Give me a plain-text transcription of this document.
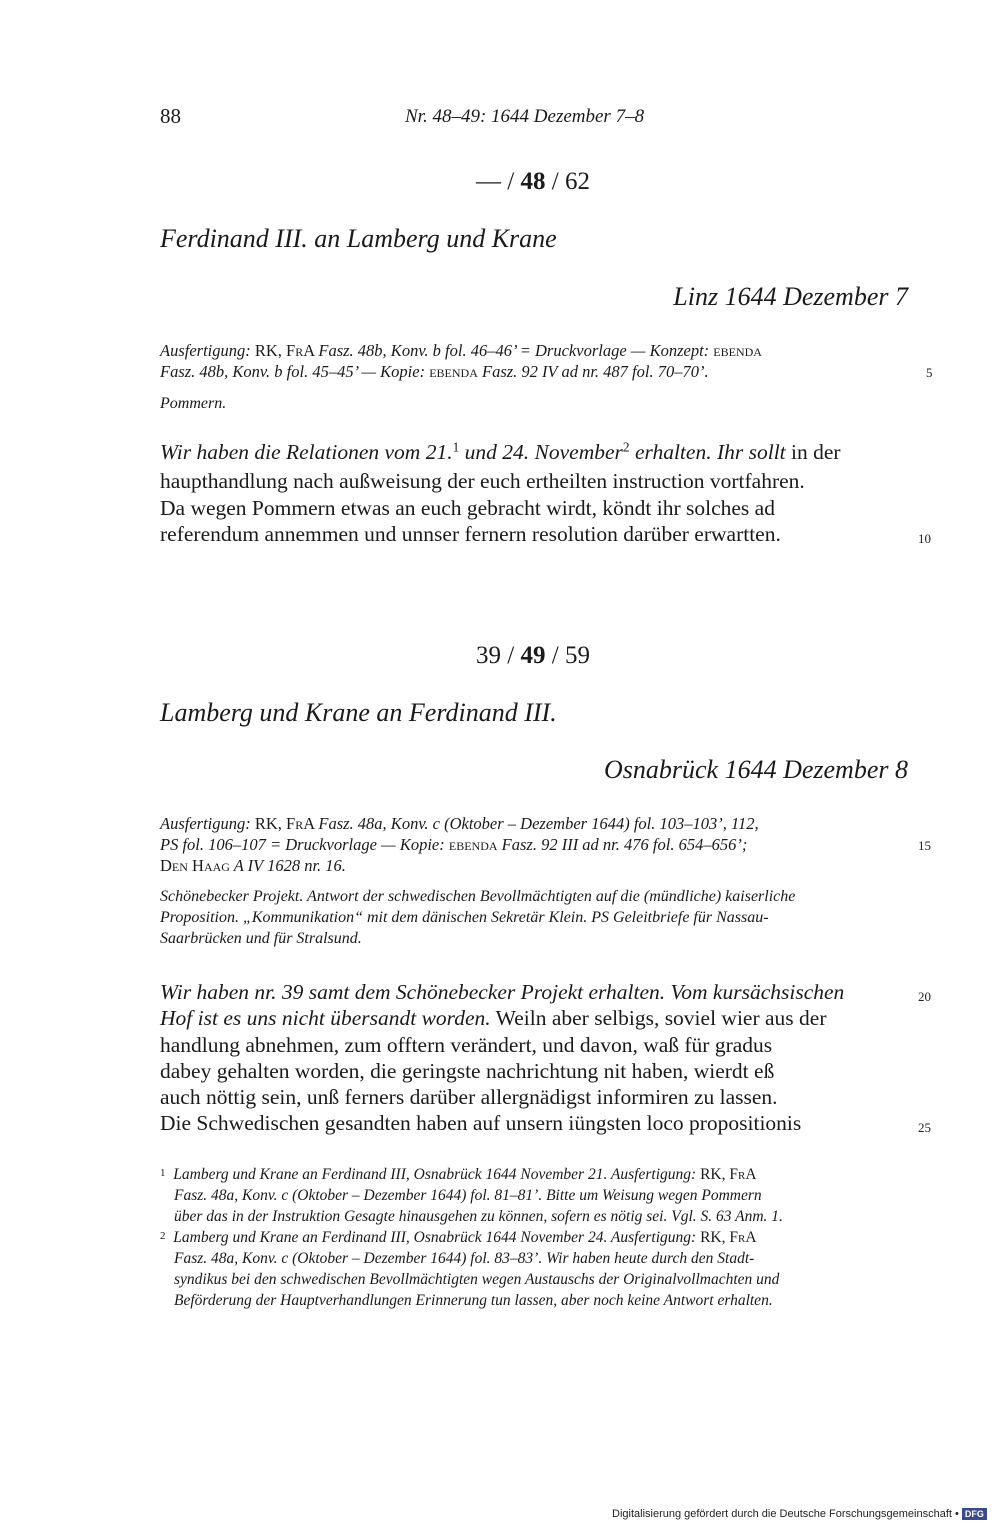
88	Nr. 48–49: 1644 Dezember 7–8
— / 48 / 62
Ferdinand III. an Lamberg und Krane
Linz 1644 Dezember 7
Ausfertigung: RK, FrA Fasz. 48b, Konv. b fol. 46–46’ = Druckvorlage — Konzept: ebenda
Fasz. 48b, Konv. b fol. 45–45’ — Kopie: ebenda Fasz. 92 IV ad nr. 487 fol. 70–70’.	5
Pommern.
Wir haben die Relationen vom 21.$^1$ und 24. November$^2$ erhalten. Ihr sollt in der
haupthandlung nach außweisung der euch ertheilten instruction vortfahren.
Da wegen Pommern etwas an euch gebracht wirdt, köndt ihr solches ad
referendum annemmen und unnser fernern resolution darüber erwartten.	10
39 / 49 / 59
Lamberg und Krane an Ferdinand III.
Osnabrück 1644 Dezember 8
Ausfertigung: RK, FrA Fasz. 48a, Konv. c (Oktober – Dezember 1644) fol. 103–103’, 112,
PS fol. 106–107 = Druckvorlage — Kopie: ebenda Fasz. 92 III ad nr. 476 fol. 654–656’;	15
Den Haag A IV 1628 nr. 16.
Schönebecker Projekt. Antwort der schwedischen Bevollmächtigten auf die (mündliche) kaiserliche
Proposition. „Kommunikation“ mit dem dänischen Sekretär Klein. PS Geleitbriefe für Nassau-
Saarbrücken und für Stralsund.
Wir haben nr. 39 samt dem Schönebecker Projekt erhalten. Vom kursächsischen	20
Hof ist es uns nicht übersandt worden. Weiln aber selbigs, soviel wier aus der
handlung abnehmen, zum offtern verändert, und davon, waß für gradus
dabey gehalten worden, die geringste nachrichtung nit haben, wierdt eß
auch nöttig sein, unß ferners darüber allergnädigst informiren zu lassen.
Die Schwedischen gesandten haben auf unsern iüngsten loco propositionis	25
1 Lamberg und Krane an Ferdinand III, Osnabrück 1644 November 21. Ausfertigung: RK, FrA
Fasz. 48a, Konv. c (Oktober – Dezember 1644) fol. 81–81’. Bitte um Weisung wegen Pommern
über das in der Instruktion Gesagte hinausgehen zu können, sofern es nötig sei. Vgl. S. 63 Anm. 1.
2 Lamberg und Krane an Ferdinand III, Osnabrück 1644 November 24. Ausfertigung: RK, FrA
Fasz. 48a, Konv. c (Oktober – Dezember 1644) fol. 83–83’. Wir haben heute durch den Stadt-
syndikus bei den schwedischen Bevollmächtigten wegen Austauschs der Originalvollmachten und
Beförderung der Hauptverhandlungen Erinnerung tun lassen, aber noch keine Antwort erhalten.
Digitalisierung gefördert durch die Deutsche Forschungsgemeinschaft • DFG
